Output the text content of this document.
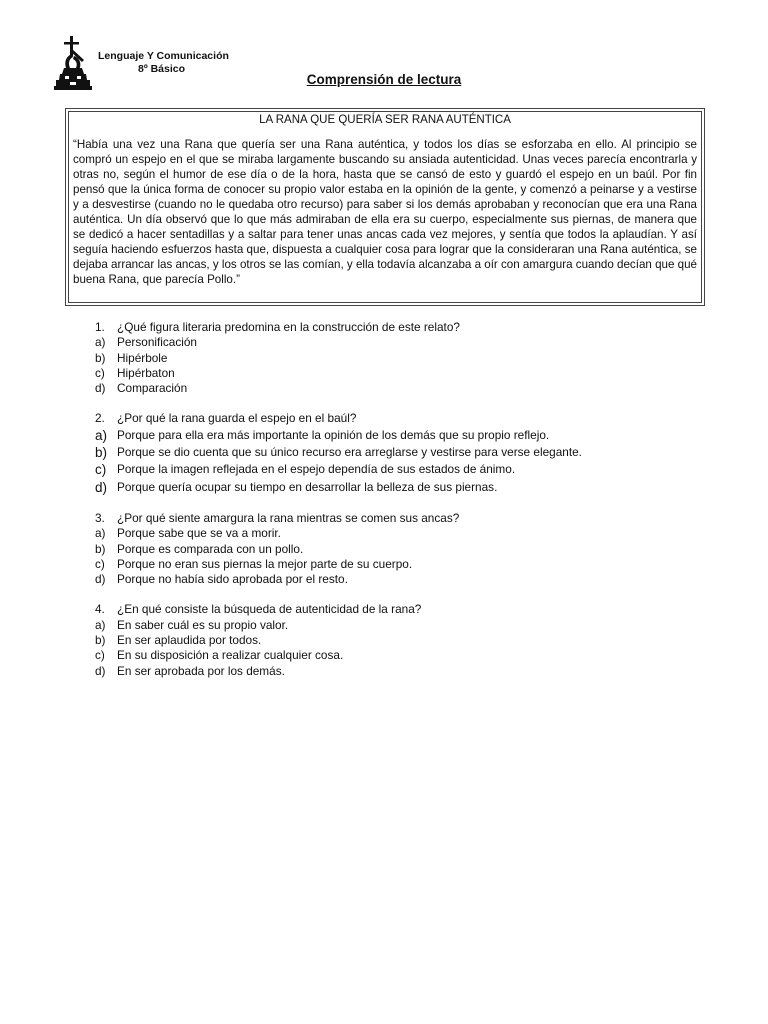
Lenguaje Y Comunicación
8º Básico
Comprensión de lectura
LA RANA QUE QUERÍA SER RANA AUTÉNTICA
“Había una vez una Rana que quería ser una Rana auténtica, y todos los días se esforzaba en ello. Al principio se compró un espejo en el que se miraba largamente buscando su ansiada autenticidad. Unas veces parecía encontrarla y otras no, según el humor de ese día o de la hora, hasta que se cansó de esto y guardó el espejo en un baúl. Por fin pensó que la única forma de conocer su propio valor estaba en la opinión de la gente, y comenzó a peinarse y a vestirse y a desvestirse (cuando no le quedaba otro recurso) para saber si los demás aprobaban y reconocían que era una Rana auténtica. Un día observó que lo que más admiraban de ella era su cuerpo, especialmente sus piernas, de manera que se dedicó a hacer sentadillas y a saltar para tener unas ancas cada vez mejores, y sentía que todos la aplaudían. Y así seguía haciendo esfuerzos hasta que, dispuesta a cualquier cosa para lograr que la consideraran una Rana auténtica, se dejaba arrancar las ancas, y los otros se las comían, y ella todavía alcanzaba a oír con amargura cuando decían que qué buena Rana, que parecía Pollo.”
1.	¿Qué figura literaria predomina en la construcción de este relato?
a) Personificación
b) Hipérbole
c)	Hipérbaton
d) Comparación
2.	¿Por qué la rana guarda el espejo en el baúl?
a) Porque para ella era más importante la opinión de los demás que su propio reflejo.
b) Porque se dio cuenta que su único recurso era arreglarse y vestirse para verse elegante.
c) Porque la imagen reflejada en el espejo dependía de sus estados de ánimo.
d) Porque quería ocupar su tiempo en desarrollar la belleza de sus piernas.
3.	¿Por qué siente amargura la rana mientras se comen sus ancas?
a) Porque sabe que se va a morir.
b) Porque es comparada con un pollo.
c)	Porque no eran sus piernas la mejor parte de su cuerpo.
d) Porque no había sido aprobada por el resto.
4.	¿En qué consiste la búsqueda de autenticidad de la rana?
a) En saber cuál es su propio valor.
b) En ser aplaudida por todos.
c)	En su disposición a realizar cualquier cosa.
d) En ser aprobada por los demás.
